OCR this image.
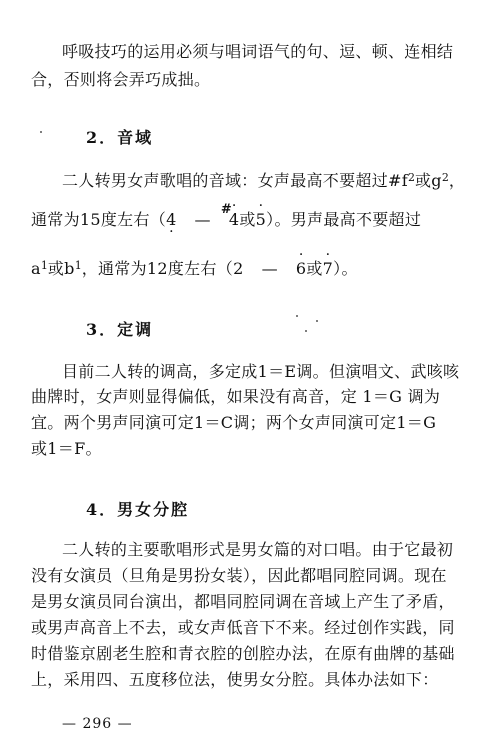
呼吸技巧的运用必须与唱词语气的句、逗、顿、连相结
合，否则将会弄巧成拙。
2．音域
二人转男女声歌唱的音域：女声最高不要超过$\#f^2$或$g^2$，
通常为15度左右（4 · —
· #
4或· 5）。男声最高不要超过
$a^1$或$b^1$，通常为12度左右（2 —· 6或· 7）。
3．定调
目前二人转的调高，多定成1＝E调。但演唱文、武咳咳
曲牌时，女声则显得偏低，如果没有高音，定 1＝G 调为
宜。两个男声同演可定1＝C调；两个女声同演可定1＝G
或1＝F。
4．男女分腔
二人转的主要歌唱形式是男女篇的对口唱。由于它最初
没有女演员（旦角是男扮女装），因此都唱同腔同调。现在
是男女演员同台演出，都唱同腔同调在音域上产生了矛盾，
或男声高音上不去，或女声低音下不来。经过创作实践，同
时借鉴京剧老生腔和青衣腔的创腔办法，在原有曲牌的基础
上，采用四、五度移位法，使男女分腔。具体办法如下：
— 296 —
